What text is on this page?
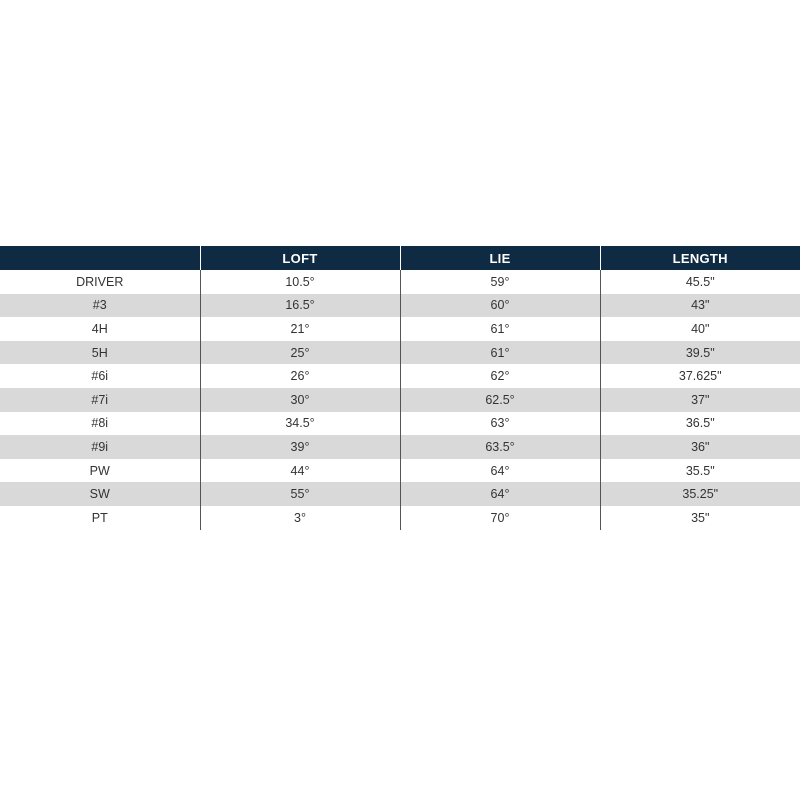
	LOFT	LIE	LENGTH
DRIVER	10.5°	59°	45.5"
#3	16.5°	60°	43"
4H	21°	61°	40"
5H	25°	61°	39.5"
#6i	26°	62°	37.625"
#7i	30°	62.5°	37"
#8i	34.5°	63°	36.5"
#9i	39°	63.5°	36"
PW	44°	64°	35.5"
SW	55°	64°	35.25"
PT	3°	70°	35"
